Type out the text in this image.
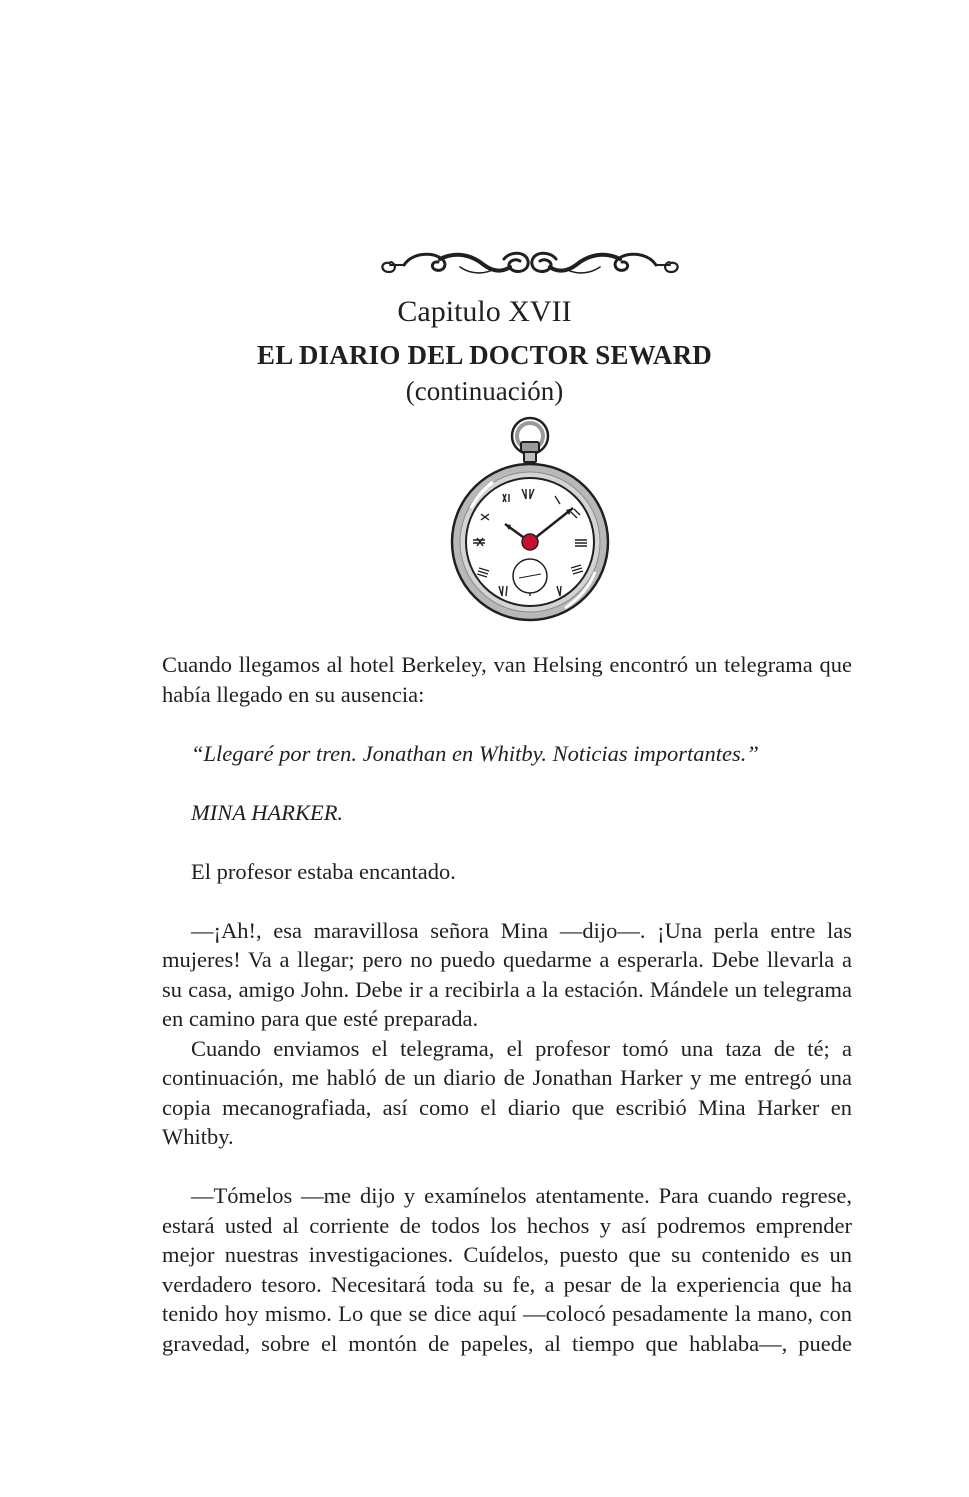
Capitulo XVII
EL DIARIO DEL DOCTOR SEWARD
(continuación)

Cuando llegamos al hotel Berkeley, van Helsing encontró un telegrama que había llegado en su ausencia:

“Llegaré por tren. Jonathan en Whitby. Noticias importantes.”

MINA HARKER.

El profesor estaba encantado.

—¡Ah!, esa maravillosa señora Mina —dijo—. ¡Una perla entre las mujeres! Va a llegar; pero no puedo quedarme a esperarla. Debe llevarla a su casa, amigo John. Debe ir a recibirla a la estación. Mándele un telegrama en camino para que esté preparada.

Cuando enviamos el telegrama, el profesor tomó una taza de té; a continuación, me habló de un diario de Jonathan Harker y me entregó una copia mecanografiada, así como el diario que escribió Mina Harker en Whitby.

—Tómelos —me dijo y examínelos atentamente. Para cuando regrese, estará usted al corriente de todos los hechos y así podremos emprender mejor nuestras investigaciones. Cuídelos, puesto que su contenido es un verdadero tesoro. Necesitará toda su fe, a pesar de la experiencia que ha tenido hoy mismo. Lo que se dice aquí —colocó pesadamente la mano, con gravedad, sobre el montón de papeles, al tiempo que hablaba—, puede
